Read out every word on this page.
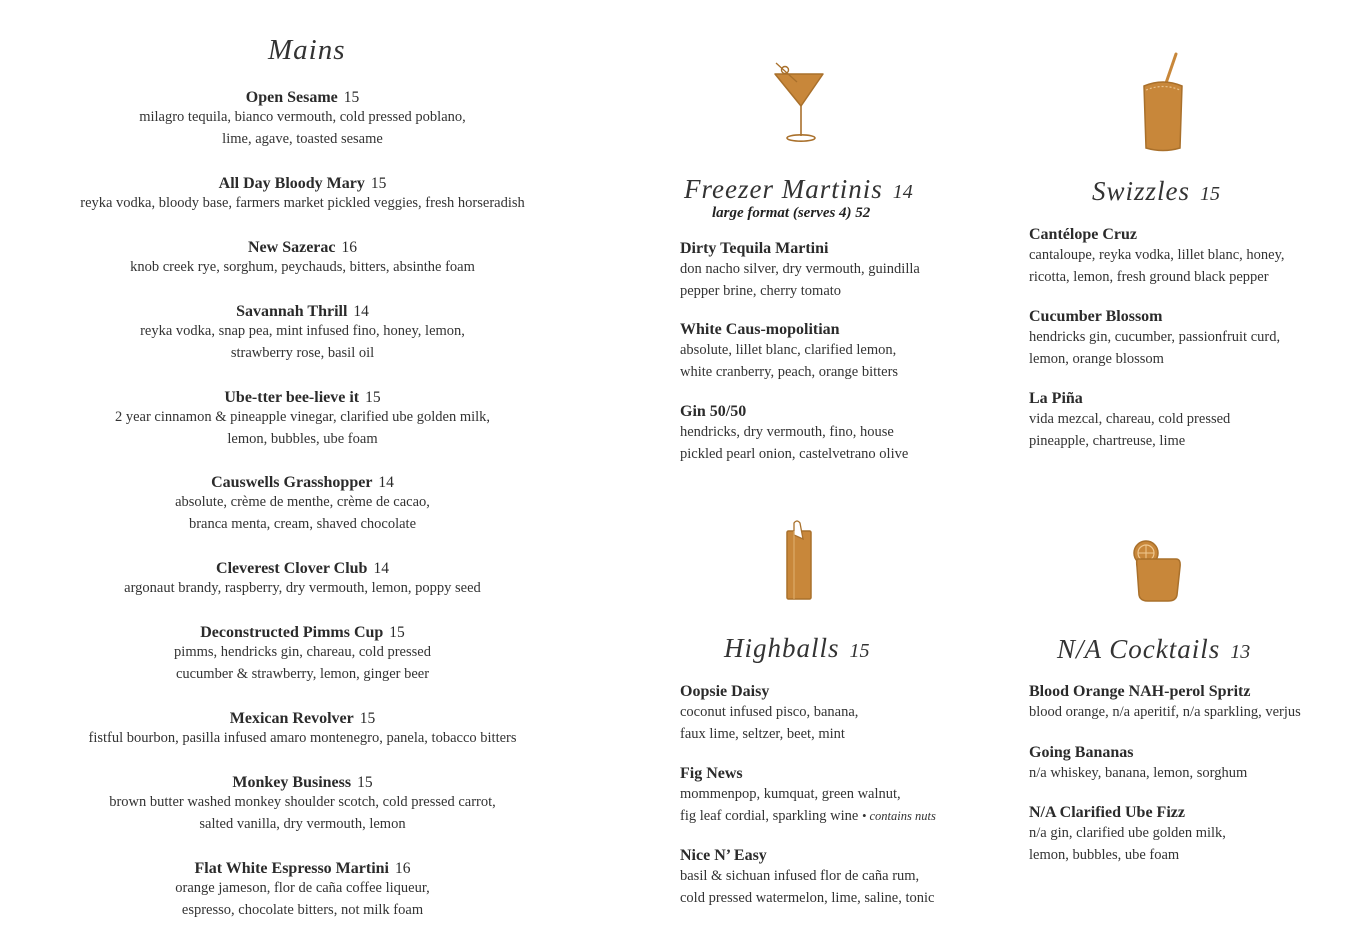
Mains
Open Sesame 15
milagro tequila, bianco vermouth, cold pressed poblano,
lime, agave, toasted sesame
All Day Bloody Mary 15
reyka vodka, bloody base, farmers market pickled veggies, fresh horseradish
New Sazerac 16
knob creek rye, sorghum, peychauds, bitters, absinthe foam
Savannah Thrill 14
reyka vodka, snap pea, mint infused fino, honey, lemon,
strawberry rose, basil oil
Ube-tter bee-lieve it 15
2 year cinnamon & pineapple vinegar, clarified ube golden milk,
lemon, bubbles, ube foam
Causwells Grasshopper 14
absolute, crème de menthe, crème de cacao,
branca menta, cream, shaved chocolate
Cleverest Clover Club 14
argonaut brandy, raspberry, dry vermouth, lemon, poppy seed
Deconstructed Pimms Cup 15
pimms, hendricks gin, chareau, cold pressed
cucumber & strawberry, lemon, ginger beer
Mexican Revolver 15
fistful bourbon, pasilla infused amaro montenegro, panela, tobacco bitters
Monkey Business 15
brown butter washed monkey shoulder scotch, cold pressed carrot,
salted vanilla, dry vermouth, lemon
Flat White Espresso Martini 16
orange jameson, flor de caña coffee liqueur,
espresso, chocolate bitters, not milk foam
Freezer Martinis 14
large format (serves 4) 52
Dirty Tequila Martini
don nacho silver, dry vermouth, guindilla
pepper brine, cherry tomato
White Caus-mopolitian
absolute, lillet blanc, clarified lemon,
white cranberry, peach, orange bitters
Gin 50/50
hendricks, dry vermouth, fino, house
pickled pearl onion, castelvetrano olive
Swizzles 15
Cantélope Cruz
cantaloupe, reyka vodka, lillet blanc, honey,
ricotta, lemon, fresh ground black pepper
Cucumber Blossom
hendricks gin, cucumber, passionfruit curd,
lemon, orange blossom
La Piña
vida mezcal, chareau, cold pressed
pineapple, chartreuse, lime
Highballs 15
Oopsie Daisy
coconut infused pisco, banana,
faux lime, seltzer, beet, mint
Fig News
mommenpop, kumquat, green walnut,
fig leaf cordial, sparkling wine • contains nuts
Nice N’ Easy
basil & sichuan infused flor de caña rum,
cold pressed watermelon, lime, saline, tonic
N/A Cocktails 13
Blood Orange NAH-perol Spritz
blood orange, n/a aperitif, n/a sparkling, verjus
Going Bananas
n/a whiskey, banana, lemon, sorghum
N/A Clarified Ube Fizz
n/a gin, clarified ube golden milk,
lemon, bubbles, ube foam
